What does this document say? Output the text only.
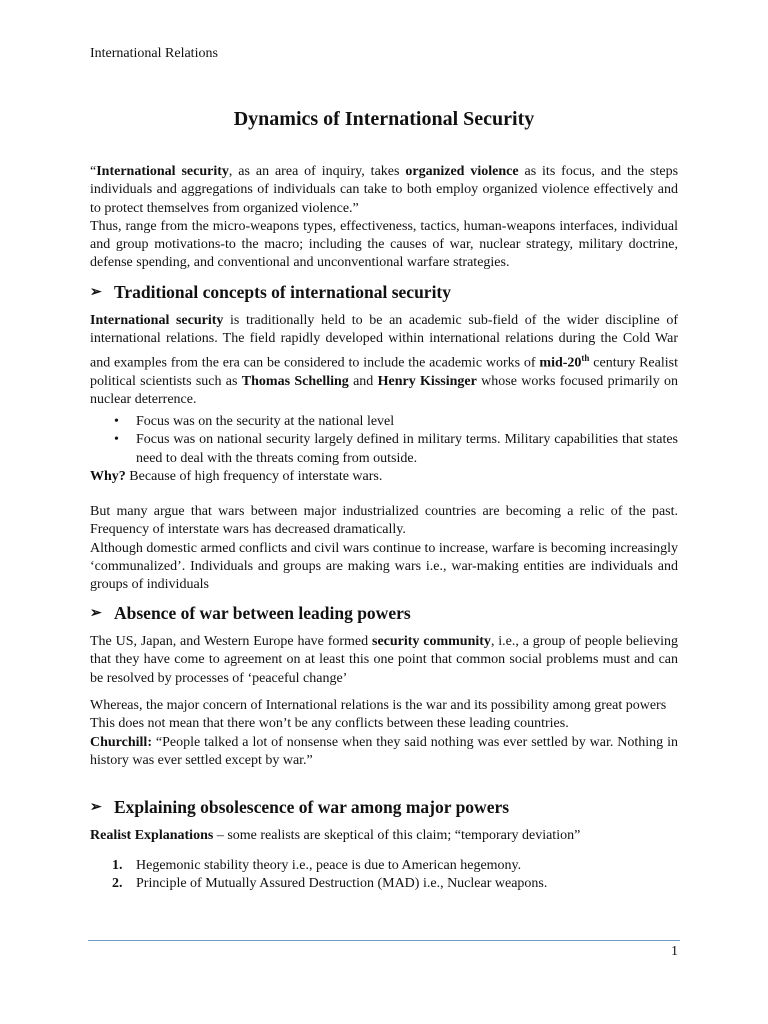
International Relations
Dynamics of International Security

“International security, as an area of inquiry, takes organized violence as its focus, and the steps individuals and aggregations of individuals can take to both employ organized violence effectively and to protect themselves from organized violence.”

Thus, range from the micro-weapons types, effectiveness, tactics, human-weapons interfaces, individual and group motivations-to the macro; including the causes of war, nuclear strategy, military doctrine, defense spending, and conventional and unconventional warfare strategies.

➢ Traditional concepts of international security

International security is traditionally held to be an academic sub-field of the wider discipline of international relations. The field rapidly developed within international relations during the Cold War and examples from the era can be considered to include the academic works of mid-20th century Realist political scientists such as Thomas Schelling and Henry Kissinger whose works focused primarily on nuclear deterrence.

• Focus was on the security at the national level
• Focus was on national security largely defined in military terms. Military capabilities that states need to deal with the threats coming from outside.

Why? Because of high frequency of interstate wars.

But many argue that wars between major industrialized countries are becoming a relic of the past. Frequency of interstate wars has decreased dramatically.

Although domestic armed conflicts and civil wars continue to increase, warfare is becoming increasingly ‘communalized’. Individuals and groups are making wars i.e., war-making entities are individuals and groups of individuals

➢ Absence of war between leading powers

The US, Japan, and Western Europe have formed security community, i.e., a group of people believing that they have come to agreement on at least this one point that common social problems must and can be resolved by processes of ‘peaceful change’

Whereas, the major concern of International relations is the war and its possibility among great powers

This does not mean that there won’t be any conflicts between these leading countries.

Churchill: “People talked a lot of nonsense when they said nothing was ever settled by war. Nothing in history was ever settled except by war.”

➢ Explaining obsolescence of war among major powers

Realist Explanations – some realists are skeptical of this claim; “temporary deviation”

1. Hegemonic stability theory i.e., peace is due to American hegemony.
2. Principle of Mutually Assured Destruction (MAD) i.e., Nuclear weapons.
1
